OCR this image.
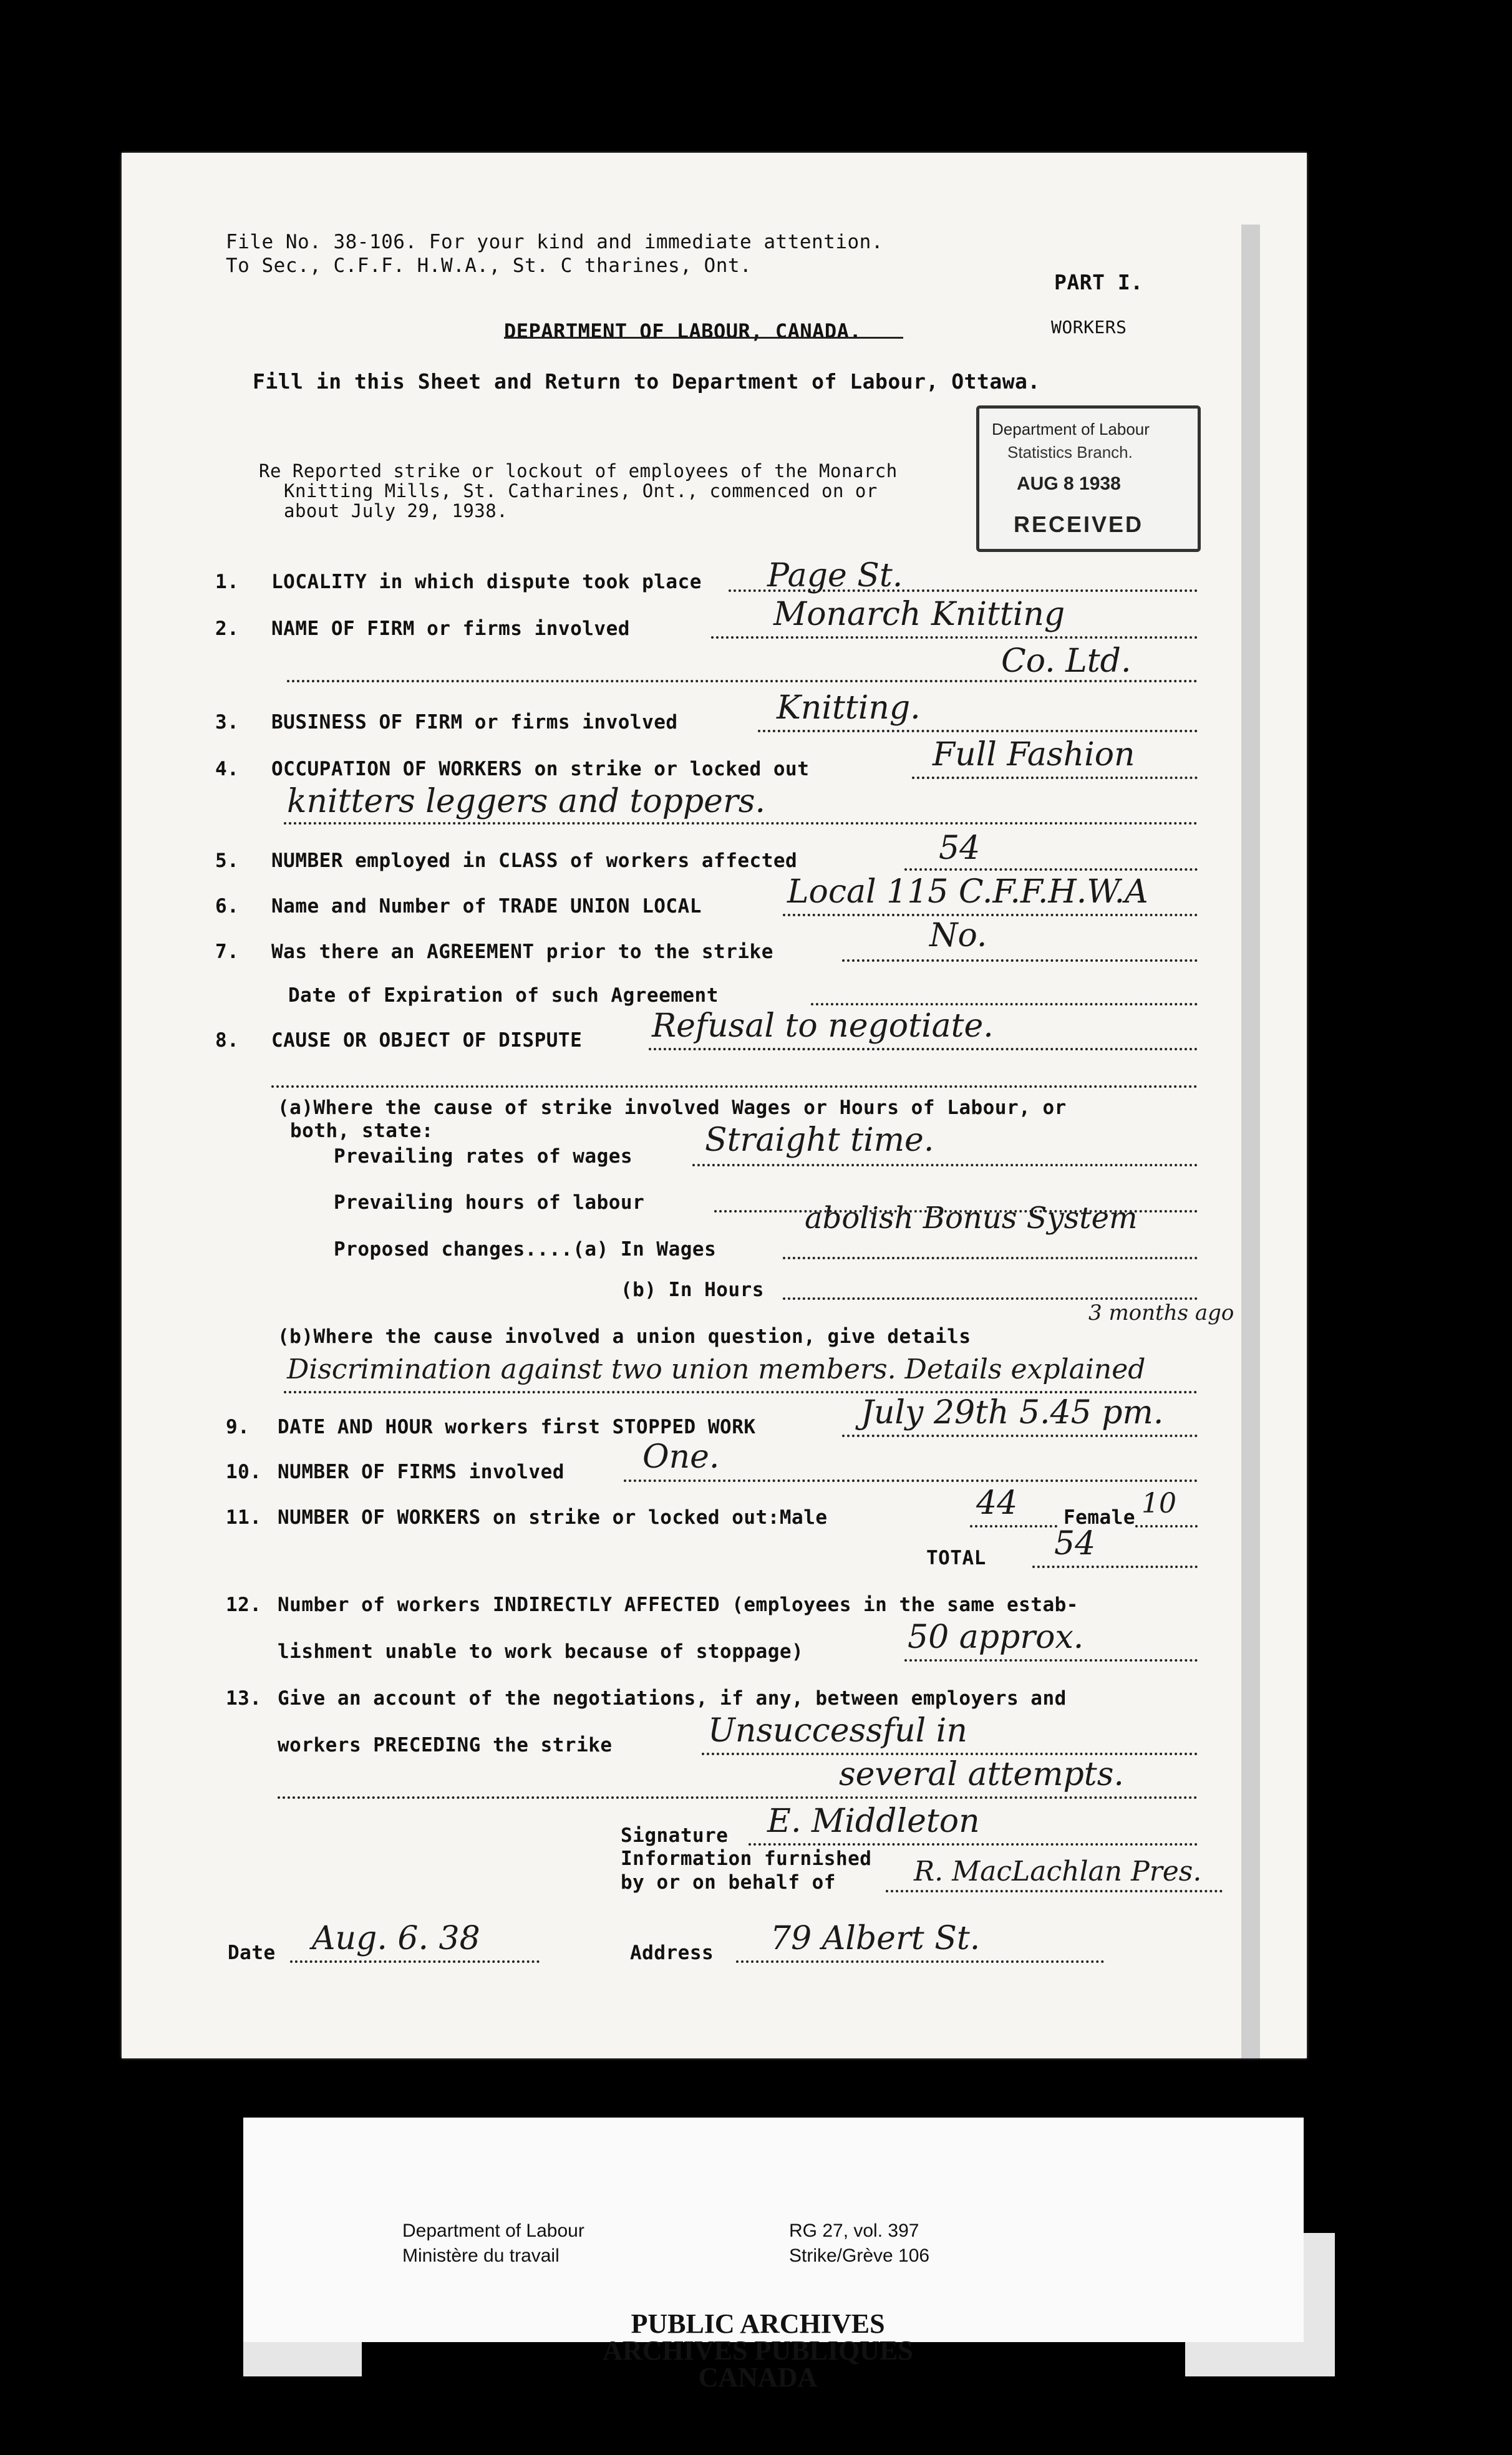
File No. 38-106. For your kind and immediate attention.
To Sec., C.F.F. H.W.A., St. C tharines, Ont.
PART I.
WORKERS
DEPARTMENT OF LABOUR, CANADA.
Fill in this Sheet and Return to Department of Labour, Ottawa.
Department of Labour
Statistics Branch.
AUG 8 1938
RECEIVED
Re Reported strike or lockout of employees of the Monarch
Knitting Mills, St. Catharines, Ont., commenced on or
about July 29, 1938.
1. LOCALITY in which dispute took place Page St.
2. NAME OF FIRM or firms involved	Monarch Knitting
Co. Ltd.
3. BUSINESS OF FIRM or firms involved	Knitting.
4. OCCUPATION OF WORKERS on strike or locked out	Full Fashion
knitters leggers and toppers.
5. NUMBER employed in CLASS of workers affected	54
6. Name and Number of TRADE UNION LOCAL	Local 115 C.F.F.H.W.A
7. Was there an AGREEMENT prior to the strike	No.
Date of Expiration of such Agreement
8. CAUSE OR OBJECT OF DISPUTE Refusal to negotiate.
(a)Where the cause of strike involved Wages or Hours of Labour, or
both, state:
Prevailing rates of wages Straight time.
Prevailing hours of labour
Proposed changes....(a) In Wages
abolish Bonus System
(b) In Hours
(b)Where the cause involved a union question, give details
3 months ago
Discrimination against two union members. Details explained
9. DATE AND HOUR workers first STOPPED WORK	July 29th 5.45 pm.
10. NUMBER OF FIRMS involved One.
11. NUMBER OF WORKERS on strike or locked out:Male	44 Female 10
TOTAL 54
12. Number of workers INDIRECTLY AFFECTED (employees in the same estab-
lishment unable to work because of stoppage)	50 approx.
13. Give an account of the negotiations, if any, between employers and
workers PRECEDING the strike	Unsuccessful in
several attempts.
Signature E. Middleton
Information furnished
by or on behalf of	R. MacLachlan Pres.
Date Aug. 6. 38	Address 79 Albert St.
Department of Labour
Ministère du travail
RG 27, vol. 397
Strike/Grève 106
PUBLIC ARCHIVES
ARCHIVES PUBLIQUES
CANADA
